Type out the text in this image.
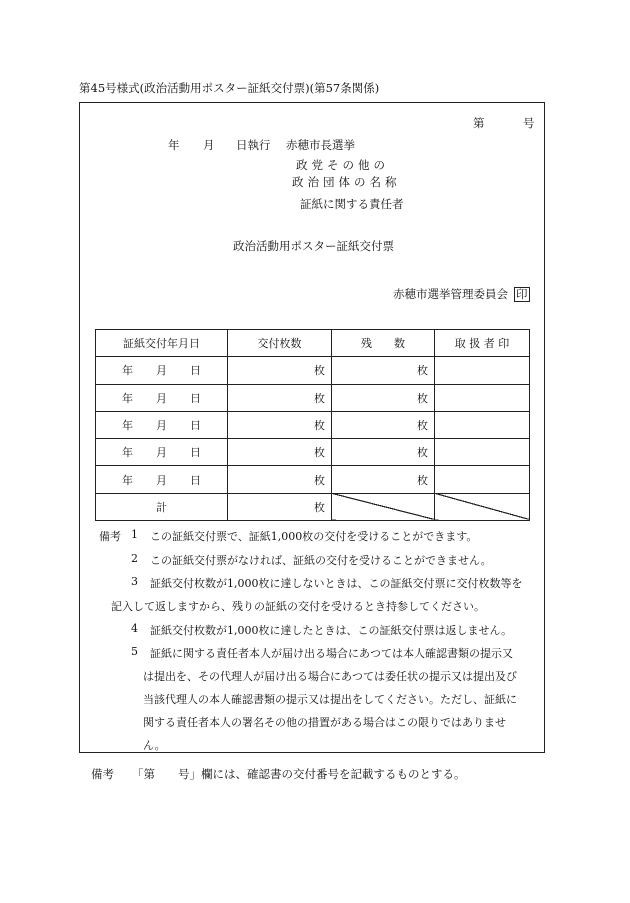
第45号様式(政治活動用ポスター証紙交付票)(第57条関係)
第	号
年 月 日執行 赤穂市長選挙
政党その他の
政治団体の名称
証紙に関する責任者
政治活動用ポスター証紙交付票
赤穂市選挙管理委員会 印
証紙交付年月日	交付枚数	残　　数	取 扱 者 印
年 月 日	枚	枚	
年 月 日	枚	枚	
年 月 日	枚	枚	
年 月 日	枚	枚	
年 月 日	枚	枚	
計	枚		
備考 1 この証紙交付票で、証紙1,000枚の交付を受けることができます。
2 この証紙交付票がなければ、証紙の交付を受けることができません。
3 証紙交付枚数が1,000枚に達しないときは、この証紙交付票に交付枚数等を
記入して返しますから、残りの証紙の交付を受けるとき持参してください。
4 証紙交付枚数が1,000枚に達したときは、この証紙交付票は返しません。
5 証紙に関する責任者本人が届け出る場合にあつては本人確認書類の提示又
は提出を、その代理人が届け出る場合にあつては委任状の提示又は提出及び
当該代理人の本人確認書類の提示又は提出をしてください。ただし、証紙に
関する責任者本人の署名その他の措置がある場合はこの限りではありませ
ん。
備考 「第　　号」欄には、確認書の交付番号を記載するものとする。
